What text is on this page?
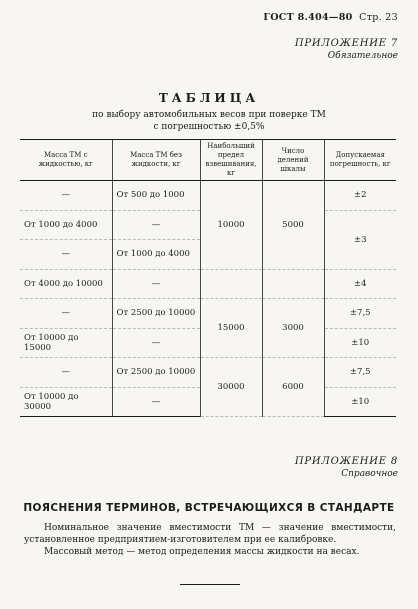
ГОСТ 8.404—80 Стр. 23
ПРИЛОЖЕНИЕ 7
Обязательное
ТАБЛИЦА
по выбору автомобильных весов при поверке ТМ
с погрешностью ±0,5%
Масса ТМ с жидкостью, кг	Масса ТМ без жидкости, кг	Наибольший предел взвешивания, кг	Число делений шкалы	Допускаемая погрешность, кг
—	От 500 до 1000	10000	5000	±2
От 1000 до 4000	—			±3
—	От 1000 до 4000			
От 4000 до 10000	—			±4
—	От 2500 до 10000	15000	3000	±7,5
От 10000 до 15000	—			±10
—	От 2500 до 10000	30000	6000	±7,5
От 10000 до 30000	—			±10
ПРИЛОЖЕНИЕ 8
Справочное
ПОЯСНЕНИЯ ТЕРМИНОВ, ВСТРЕЧАЮЩИХСЯ В СТАНДАРТЕ

Номинальное значение вместимости ТМ — значение вместимости, установленное предприятием-изготовителем при ее калибровке.

Массовый метод — метод определения массы жидкости на весах.
